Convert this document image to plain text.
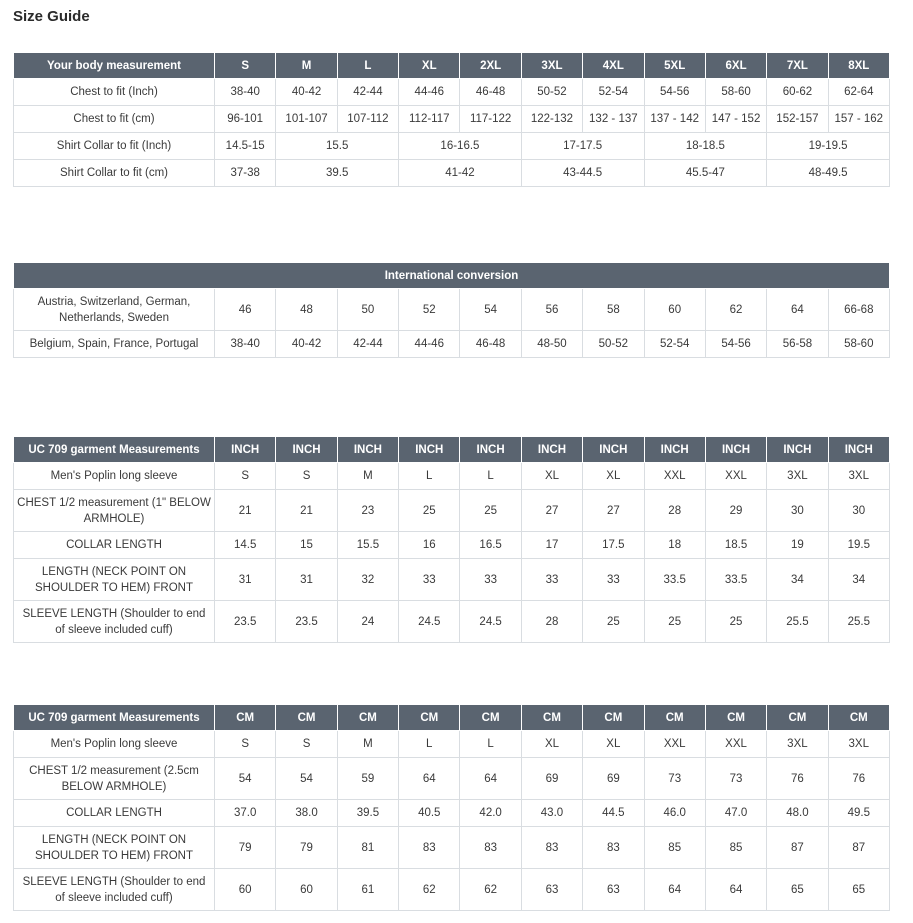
Size Guide
Your body measurement	S	M	L	XL	2XL	3XL	4XL	5XL	6XL	7XL	8XL
Chest to fit (Inch)	38-40	40-42	42-44	44-46	46-48	50-52	52-54	54-56	58-60	60-62	62-64
Chest to fit (cm)	96-101	101-107	107-112	112-117	117-122	122-132	132 - 137	137 - 142	147 - 152	152-157	157 - 162
Shirt Collar to fit (Inch)	14.5-15	15.5		16-16.5		17-17.5		18-18.5		19-19.5	
Shirt Collar to fit (cm)	37-38	39.5		41-42		43-44.5		45.5-47		48-49.5	
International conversion											
Austria, Switzerland, German, Netherlands, Sweden	46	48	50	52	54	56	58	60	62	64	66-68
Belgium, Spain, France, Portugal	38-40	40-42	42-44	44-46	46-48	48-50	50-52	52-54	54-56	56-58	58-60
UC 709 garment Measurements	INCH	INCH	INCH	INCH	INCH	INCH	INCH	INCH	INCH	INCH	INCH
Men's Poplin long sleeve	S	S	M	L	L	XL	XL	XXL	XXL	3XL	3XL
CHEST 1/2 measurement (1" BELOW ARMHOLE)	21	21	23	25	25	27	27	28	29	30	30
COLLAR LENGTH	14.5	15	15.5	16	16.5	17	17.5	18	18.5	19	19.5
LENGTH (NECK POINT ON SHOULDER TO HEM) FRONT	31	31	32	33	33	33	33	33.5	33.5	34	34
SLEEVE LENGTH (Shoulder to end of sleeve included cuff)	23.5	23.5	24	24.5	24.5	28	25	25	25	25.5	25.5
UC 709 garment Measurements	CM	CM	CM	CM	CM	CM	CM	CM	CM	CM	CM
Men's Poplin long sleeve	S	S	M	L	L	XL	XL	XXL	XXL	3XL	3XL
CHEST 1/2 measurement (2.5cm BELOW ARMHOLE)	54	54	59	64	64	69	69	73	73	76	76
COLLAR LENGTH	37.0	38.0	39.5	40.5	42.0	43.0	44.5	46.0	47.0	48.0	49.5
LENGTH (NECK POINT ON SHOULDER TO HEM) FRONT	79	79	81	83	83	83	83	85	85	87	87
SLEEVE LENGTH (Shoulder to end of sleeve included cuff)	60	60	61	62	62	63	63	64	64	65	65
